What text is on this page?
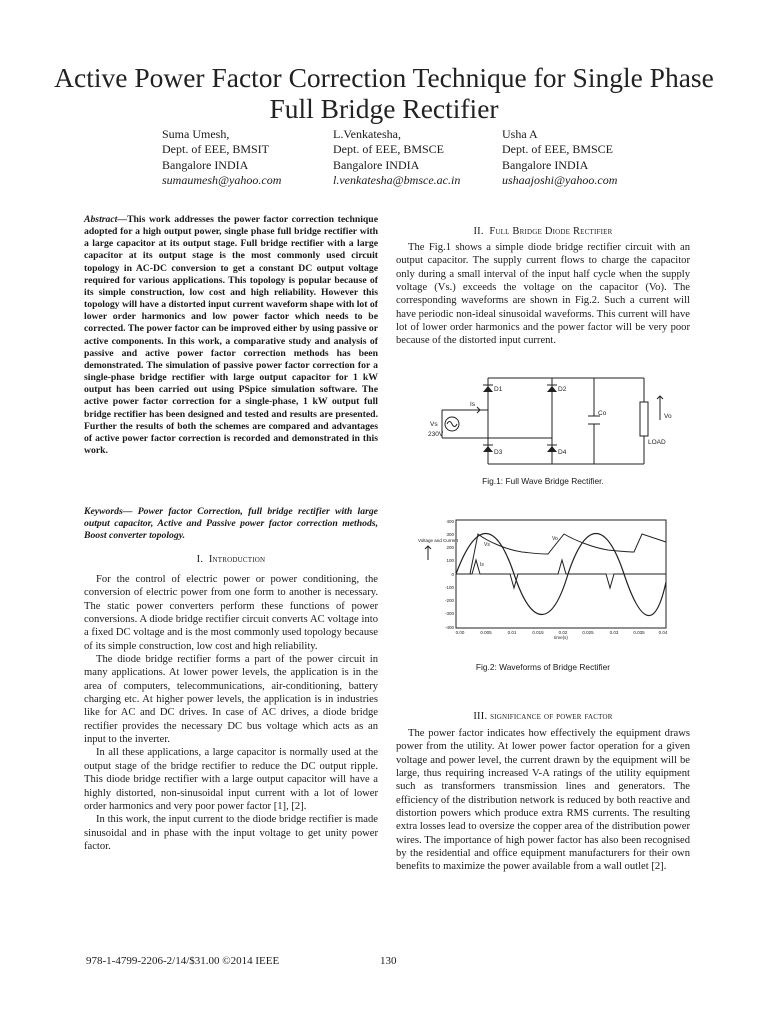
Active Power Factor Correction Technique for Single Phase Full Bridge Rectifier
Suma Umesh,
Dept. of EEE, BMSIT
Bangalore INDIA
sumaumesh@yahoo.com
L.Venkatesha,
Dept. of EEE, BMSCE
Bangalore INDIA
l.venkatesha@bmsce.ac.in
Usha A
Dept. of EEE, BMSCE
Bangalore INDIA
ushaajoshi@yahoo.com
Abstract—This work addresses the power factor correction technique adopted for a high output power, single phase full bridge rectifier with a large capacitor at its output stage. Full bridge rectifier with a large capacitor at its output stage is the most commonly used circuit topology in AC-DC conversion to get a constant DC output voltage required for various applications. This topology is popular because of its simple construction, low cost and high reliability. However this topology will have a distorted input current waveform shape with lot of lower order harmonics and low power factor which needs to be corrected. The power factor can be improved either by using passive or active components. In this work, a comparative study and analysis of passive and active power factor correction methods has been demonstrated. The simulation of passive power factor correction for a single-phase bridge rectifier with large output capacitor for 1 kW output has been carried out using PSpice simulation software. The active power factor correction for a single-phase, 1 kW output full bridge rectifier has been designed and tested and results are presented. Further the results of both the schemes are compared and advantages of active power factor correction is recorded and demonstrated in this work.
Keywords— Power factor Correction, full bridge rectifier with large output capacitor, Active and Passive power factor correction methods, Boost converter topology.
I. Introduction

For the control of electric power or power conditioning, the conversion of electric power from one form to another is necessary. The static power converters perform these functions of power conversions. A diode bridge rectifier circuit converts AC voltage into a fixed DC voltage and is the most commonly used topology because of its simple construction, low cost and high reliability.

The diode bridge rectifier forms a part of the power circuit in many applications. At lower power levels, the application is in the area of computers, telecommunications, air-conditioning, battery charging etc. At higher power levels, the application is in industries like for AC and DC drives. In case of AC drives, a diode bridge rectifier provides the necessary DC bus voltage which acts as an input to the inverter.

In all these applications, a large capacitor is normally used at the output stage of the bridge rectifier to reduce the DC output ripple. This diode bridge rectifier with a large output capacitor will have a highly distorted, non-sinusoidal input current with a lot of lower order harmonics and very poor power factor [1], [2].

In this work, the input current to the diode bridge rectifier is made sinusoidal and in phase with the input voltage to get unity power factor.

II. Full Bridge Diode Rectifier

The Fig.1 shows a simple diode bridge rectifier circuit with an output capacitor. The supply current flows to charge the capacitor only during a small interval of the input half cycle when the supply voltage (Vs.) exceeds the voltage on the capacitor (Vo). The corresponding waveforms are shown in Fig.2. Such a current will have periodic non-ideal sinusoidal waveforms. This current will have lot of lower order harmonics and the power factor will be very poor because of the distorted input current.

D1	D2
D3	D4
Co	Vo
LOAD
Vs
230V
Is
Fig.1: Full Wave Bridge Rectifier.
400
300
200
100
0
-100
-200
-300
-400
0.00	0.005	0.01	0.015	0.02	0.025	0.03	0.035	0.04
time(s)
Voltage and Current
Vs
Vo
Is
Fig.2: Waveforms of Bridge Rectifier
III. significance of power factor

The power factor indicates how effectively the equipment draws power from the utility. At lower power factor operation for a given voltage and power level, the current drawn by the equipment will be large, thus requiring increased V-A ratings of the utility equipment such as transformers transmission lines and generators. The efficiency of the distribution network is reduced by both reactive and distortion powers which produce extra RMS currents. The resulting extra losses lead to oversize the copper area of the distribution power wires. The importance of high power factor has also been recognised by the residential and office equipment manufacturers for their own benefits to maximize the power available from a wall outlet [2].

978-1-4799-2206-2/14/$31.00 ©2014 IEEE	130
